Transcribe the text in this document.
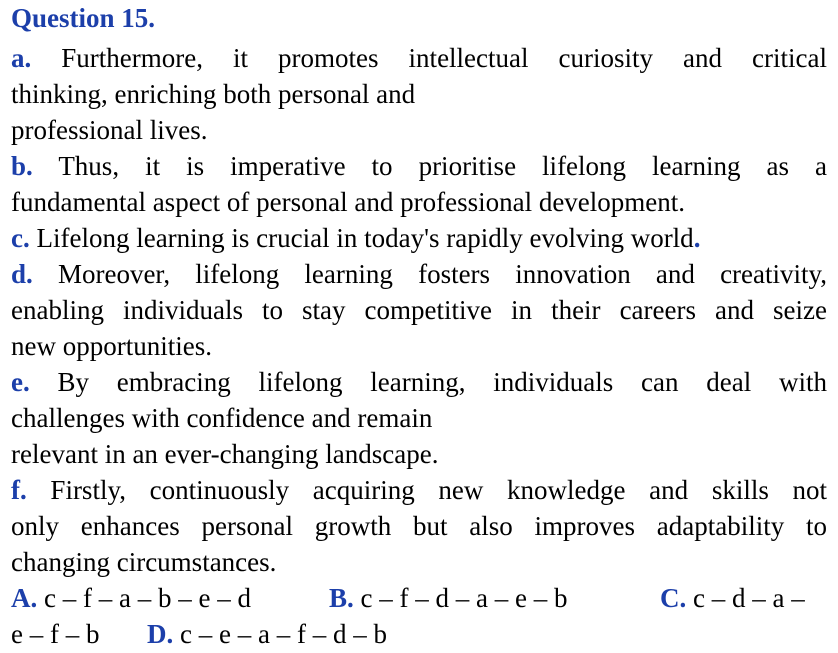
Question 15.
a. Furthermore, it promotes intellectual curiosity and critical
thinking, enriching both personal and
professional lives.
b. Thus, it is imperative to prioritise lifelong learning as a
fundamental aspect of personal and professional development.
c. Lifelong learning is crucial in today's rapidly evolving world.
d. Moreover, lifelong learning fosters innovation and creativity,
enabling individuals to stay competitive in their careers and seize
new opportunities.
e. By embracing lifelong learning, individuals can deal with
challenges with confidence and remain
relevant in an ever-changing landscape.
f. Firstly, continuously acquiring new knowledge and skills not
only enhances personal growth but also improves adaptability to
changing circumstances.
A. c – f – a – b – e – d	B. c – f – d – a – e – b	C. c – d – a –
e – f – b D. c – e – a – f – d – b
